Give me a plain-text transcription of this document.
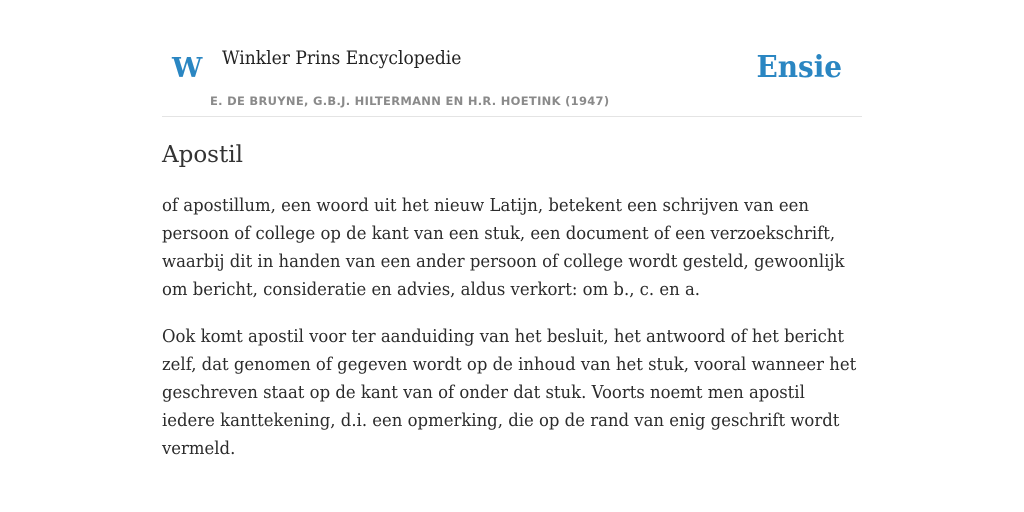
W Winkler Prins Encyclopedie
E. DE BRUYNE, G.B.J. HILTERMANN EN H.R. HOETINK (1947)
Ensie
Apostil

of apostillum, een woord uit het nieuw Latijn, betekent een schrijven van een persoon of college op de kant van een stuk, een document of een verzoekschrift, waarbij dit in handen van een ander persoon of college wordt gesteld, gewoonlijk om bericht, consideratie en advies, aldus verkort: om b., c. en a.

Ook komt apostil voor ter aanduiding van het besluit, het antwoord of het bericht zelf, dat genomen of gegeven wordt op de inhoud van het stuk, vooral wanneer het geschreven staat op de kant van of onder dat stuk. Voorts noemt men apostil iedere kanttekening, d.i. een opmerking, die op de rand van enig geschrift wordt vermeld.
